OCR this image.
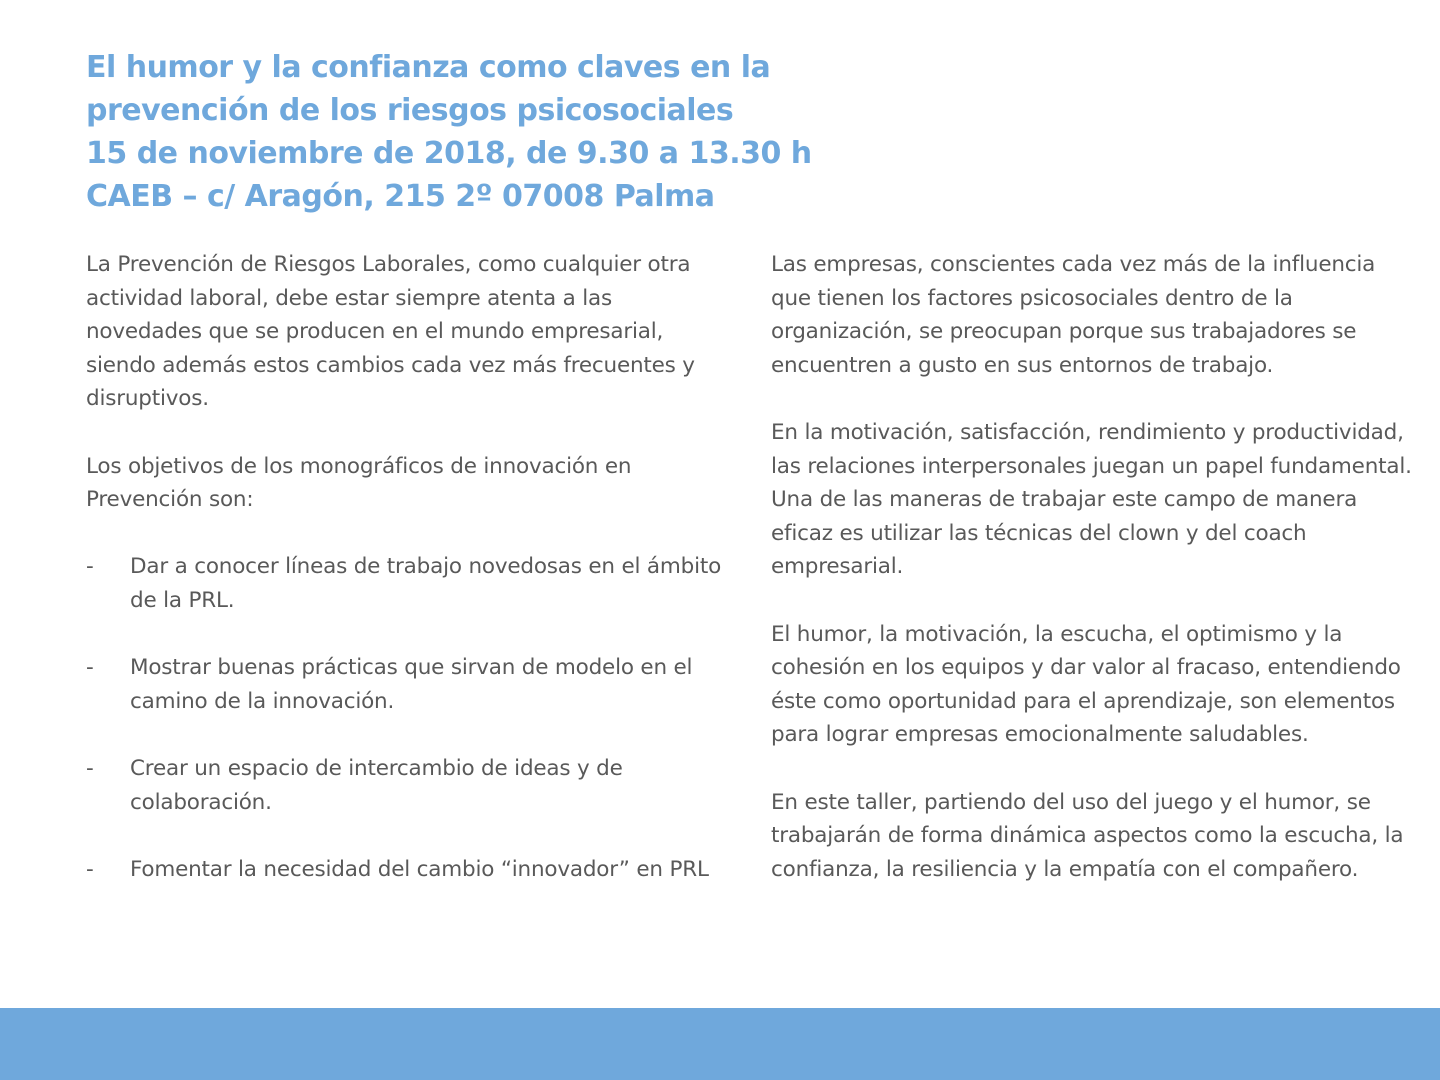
El humor y la confianza como claves en la
prevención de los riesgos psicosociales
15 de noviembre de 2018, de 9.30 a 13.30 h
CAEB – c/ Aragón, 215 2º 07008 Palma

La Prevención de Riesgos Laborales, como cualquier otra actividad laboral, debe estar siempre atenta a las novedades que se producen en el mundo empresarial, siendo además estos cambios cada vez más frecuentes y disruptivos.

Los objetivos de los monográficos de innovación en Prevención son:

- Dar a conocer líneas de trabajo novedosas en el ámbito de la PRL.
- Mostrar buenas prácticas que sirvan de modelo en el camino de la innovación.
- Crear un espacio de intercambio de ideas y de colaboración.
- Fomentar la necesidad del cambio “innovador” en PRL

Las empresas, conscientes cada vez más de la influencia que tienen los factores psicosociales dentro de la organización, se preocupan porque sus trabajadores se encuentren a gusto en sus entornos de trabajo.

En la motivación, satisfacción, rendimiento y productividad, las relaciones interpersonales juegan un papel fundamental. Una de las maneras de trabajar este campo de manera eficaz es utilizar las técnicas del clown y del coach empresarial.

El humor, la motivación, la escucha, el optimismo y la cohesión en los equipos y dar valor al fracaso, entendiendo éste como oportunidad para el aprendizaje, son elementos para lograr empresas emocionalmente saludables.

En este taller, partiendo del uso del juego y el humor, se trabajarán de forma dinámica aspectos como la escucha, la confianza, la resiliencia y la empatía con el compañero.
